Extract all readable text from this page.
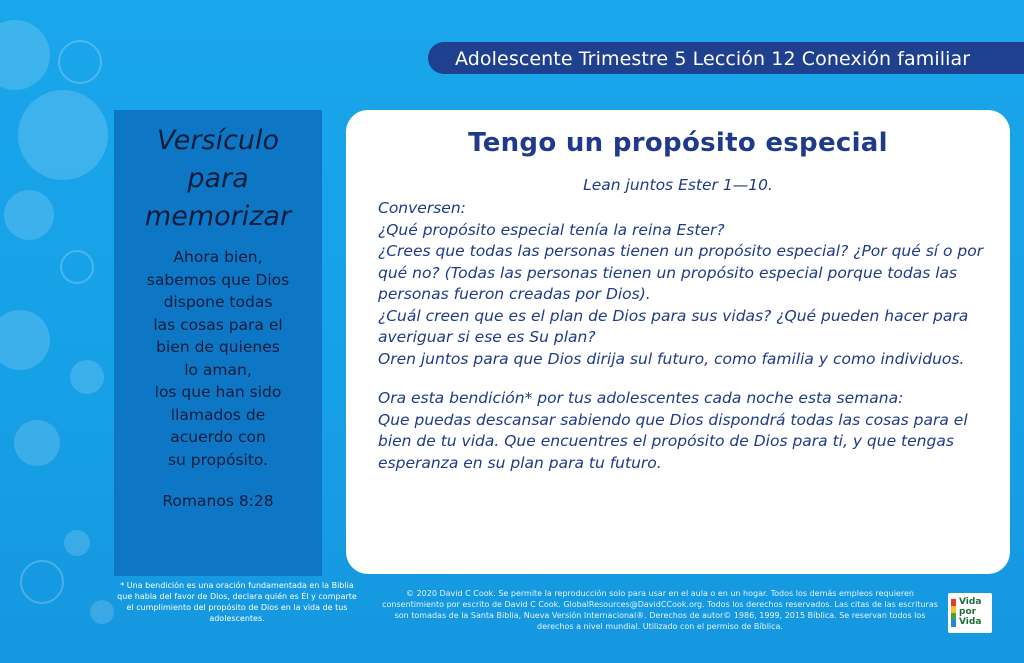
Adolescente Trimestre 5 Lección 12 Conexión familiar
Versículo
para
memorizar
Ahora bien,
sabemos que Dios
dispone todas
las cosas para el
bien de quienes
lo aman,
los que han sido
llamados de
acuerdo con
su propósito.
Romanos 8:28
Tengo un propósito especial
Lean juntos Ester 1—10.

Conversen:

¿Qué propósito especial tenía la reina Ester?

¿Crees que todas las personas tienen un propósito especial? ¿Por qué sí o por qué no? (Todas las personas tienen un propósito especial porque todas las personas fueron creadas por Dios).

¿Cuál creen que es el plan de Dios para sus vidas? ¿Qué pueden hacer para averiguar si ese es Su plan?

Oren juntos para que Dios dirija sul futuro, como familia y como individuos.

Ora esta bendición* por tus adolescentes cada noche esta semana:

Que puedas descansar sabiendo que Dios dispondrá todas las cosas para el bien de tu vida. Que encuentres el propósito de Dios para ti, y que tengas esperanza en su plan para tu futuro.

* Una bendición es una oración fundamentada en la Biblia que habla del favor de Dios, declara quién es Él y comparte el cumplimiento del propósito de Dios en la vida de tus adolescentes.
© 2020 David C Cook. Se permite la reproducción solo para usar en el aula o en un hogar. Todos los demás empleos requieren consentimiento por escrito de David C Cook. GlobalResources@DavidCCook.org. Todos los derechos reservados. Las citas de las escrituras son tomadas de la Santa Biblia, Nueva Versión Internacional®. Derechos de autor© 1986, 1999, 2015 Bíblica. Se reservan todos los derechos a nivel mundial. Utilizado con el permiso de Bíblica.
Vida
por
Vida
